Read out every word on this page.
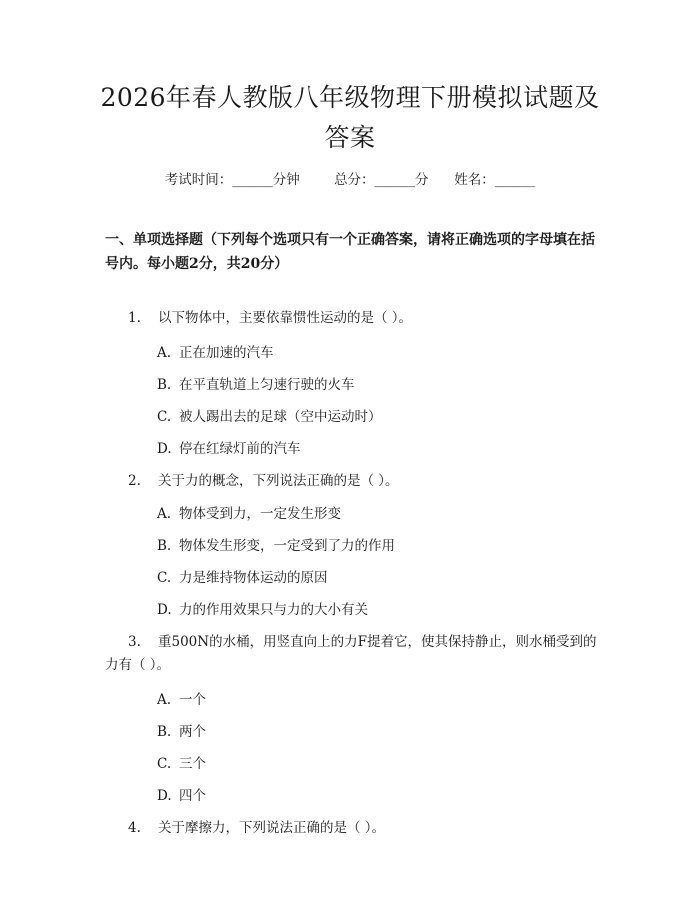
2026年春人教版八年级物理下册模拟试题及答案
考试时间：______分钟	总分：______分 姓名：______
一、单项选择题（下列每个选项只有一个正确答案，请将正确选项的字母填在括号内。每小题2分，共20分）
1. 以下物体中，主要依靠惯性运动的是（ ）。
A. 正在加速的汽车
B. 在平直轨道上匀速行驶的火车
C. 被人踢出去的足球（空中运动时）
D. 停在红绿灯前的汽车
2. 关于力的概念，下列说法正确的是（ ）。
A. 物体受到力，一定发生形变
B. 物体发生形变，一定受到了力的作用
C. 力是维持物体运动的原因
D. 力的作用效果只与力的大小有关
3. 重500N的水桶，用竖直向上的力F提着它，使其保持静止，则水桶受到的力有（ ）。
A. 一个
B. 两个
C. 三个
D. 四个
4. 关于摩擦力，下列说法正确的是（ ）。
